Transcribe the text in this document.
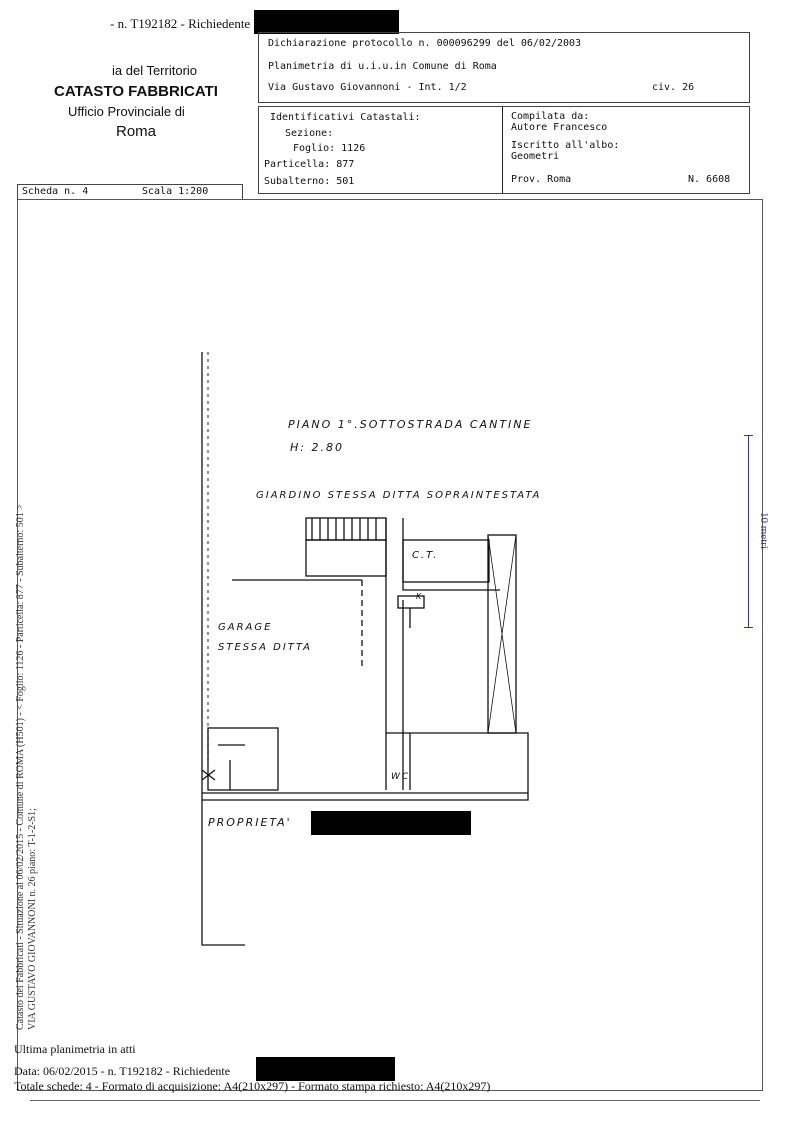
- n. T192182 - Richiedente
ia del Territorio
CATASTO FABBRICATI
Ufficio Provinciale di
Roma
Dichiarazione protocollo n. 000096299 del 06/02/2003
Planimetria di u.i.u.in Comune di Roma
Via Gustavo Giovannoni - Int. 1/2	civ. 26
Identificativi Catastali:
Sezione:
Foglio: 1126
Particella: 877
Subalterno: 501
Compilata da:
Autore Francesco
Iscritto all'albo:
Geometri
Prov. Roma	N. 6608
Scheda n. 4	Scala 1:200
PIANO 1°.SOTTOSTRADA CANTINE
H: 2.80
GIARDINO STESSA DITTA SOPRAINTESTATA
C.T.
K
GARAGE
STESSA DITTA
WC
PROPRIETA'
10 metri
Catasto dei Fabbricati - Situazione al 06/02/2015 - Comune di ROMA (H501) - < Foglio: 1126 - Particella: 877 - Subalterno: 501 > VIA GUSTAVO GIOVANNONI n. 26 piano: T-1-2-S1;
Ultima planimetria in atti
Data: 06/02/2015 - n. T192182 - Richiedente
Totale schede: 4 - Formato di acquisizione: A4(210x297) - Formato stampa richiesto: A4(210x297)
